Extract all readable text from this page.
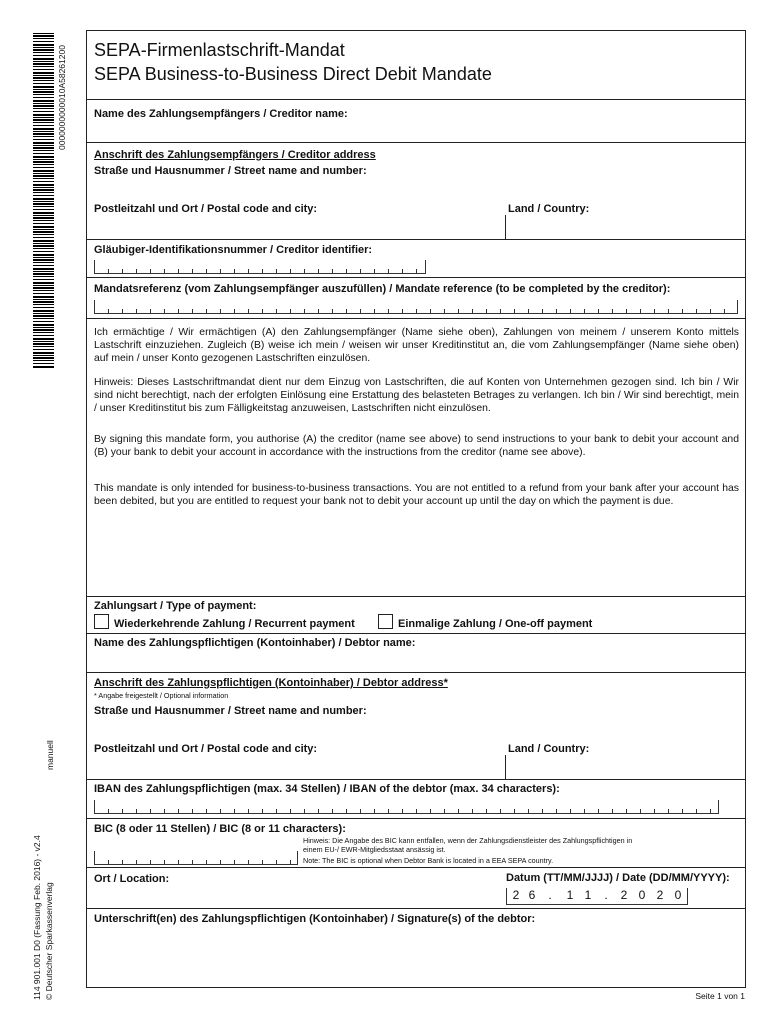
0000000000010A58261200
manuell
114 901.001 D0 (Fassung Feb. 2016) - v2.4 © Deutscher Sparkassenverlag
SEPA-Firmenlastschrift-Mandat
SEPA Business-to-Business Direct Debit Mandate
Name des Zahlungsempfängers / Creditor name:
Anschrift des Zahlungsempfängers / Creditor address
Straße und Hausnummer / Street name and number:
Postleitzahl und Ort / Postal code and city:	Land / Country:
Gläubiger-Identifikationsnummer / Creditor identifier:
Mandatsreferenz (vom Zahlungsempfänger auszufüllen) / Mandate reference (to be completed by the creditor):
Ich ermächtige / Wir ermächtigen (A) den Zahlungsempfänger (Name siehe oben), Zahlungen von meinem / unserem Konto mittels Lastschrift einzuziehen. Zugleich (B) weise ich mein / weisen wir unser Kreditinstitut an, die vom Zahlungsempfänger (Name siehe oben) auf mein / unser Konto gezogenen Lastschriften einzulösen.
Hinweis: Dieses Lastschriftmandat dient nur dem Einzug von Lastschriften, die auf Konten von Unternehmen gezogen sind. Ich bin / Wir sind nicht berechtigt, nach der erfolgten Einlösung eine Erstattung des belasteten Betrages zu verlangen. Ich bin / Wir sind berechtigt, mein / unser Kreditinstitut bis zum Fälligkeitstag anzuweisen, Lastschriften nicht einzulösen.
By signing this mandate form, you authorise (A) the creditor (name see above) to send instructions to your bank to debit your account and (B) your bank to debit your account in accordance with the instructions from the creditor (name see above).
This mandate is only intended for business-to-business transactions. You are not entitled to a refund from your bank after your account has been debited, but you are entitled to request your bank not to debit your account up until the day on which the payment is due.
Zahlungsart / Type of payment:
Wiederkehrende Zahlung / Recurrent payment	Einmalige Zahlung / One-off payment
Name des Zahlungspflichtigen (Kontoinhaber) / Debtor name:
Anschrift des Zahlungspflichtigen (Kontoinhaber) / Debtor address*
* Angabe freigestellt / Optional information
Straße und Hausnummer / Street name and number:
Postleitzahl und Ort / Postal code and city:	Land / Country:
IBAN des Zahlungspflichtigen (max. 34 Stellen) / IBAN of the debtor (max. 34 characters):
BIC (8 oder 11 Stellen) / BIC (8 or 11 characters):
Hinweis: Die Angabe des BIC kann entfallen, wenn der Zahlungsdienstleister des Zahlungspflichtigen in
einem EU-/ EWR-Mitgliedsstaat ansässig ist.
Note: The BIC is optional when Debtor Bank is located in a EEA SEPA country.
Ort / Location:	Datum (TT/MM/JJJJ) / Date (DD/MM/YYYY):
2 6	.	1 1	.	2 0 2 0
Unterschrift(en) des Zahlungspflichtigen (Kontoinhaber) / Signature(s) of the debtor:
Seite 1 von 1
